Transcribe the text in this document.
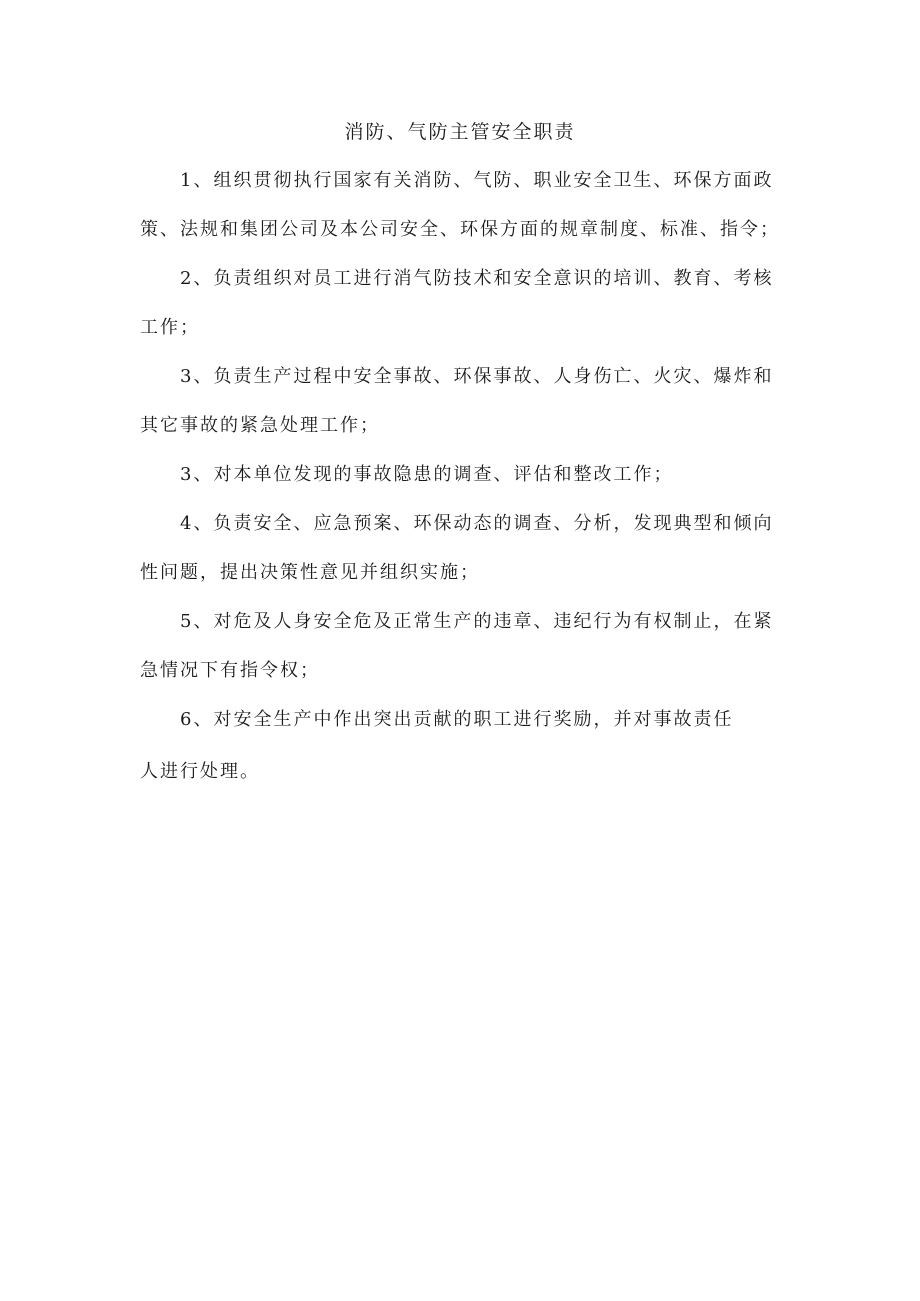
消防、气防主管安全职责
1、组织贯彻执行国家有关消防、气防、职业安全卫生、环保方面政
策、法规和集团公司及本公司安全、环保方面的规章制度、标准、指令；
2、负责组织对员工进行消气防技术和安全意识的培训、教育、考核
工作；
3、负责生产过程中安全事故、环保事故、人身伤亡、火灾、爆炸和
其它事故的紧急处理工作；
3、对本单位发现的事故隐患的调查、评估和整改工作；
4、负责安全、应急预案、环保动态的调查、分析，发现典型和倾向
性问题，提出决策性意见并组织实施；
5、对危及人身安全危及正常生产的违章、违纪行为有权制止，在紧
急情况下有指令权；
6、对安全生产中作出突出贡献的职工进行奖励，并对事故责任
人进行处理。
